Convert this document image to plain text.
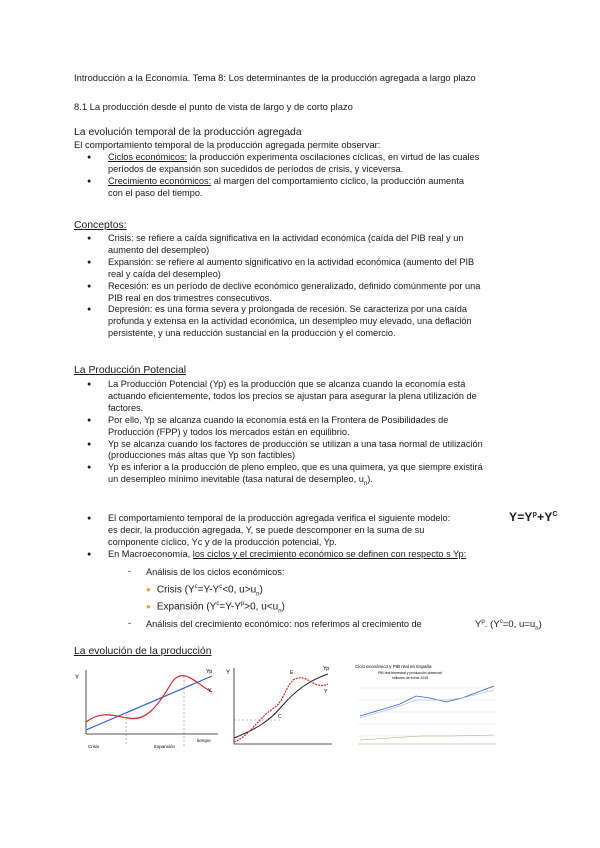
Introducción a la Economía. Tema 8: Los determinantes de la producción agregada a largo plazo
8.1 La producción desde el punto de vista de largo y de corto plazo
La evolución temporal de la producción agregada
El comportamiento temporal de la producción agregada permite observar:
● Ciclos económicos: la producción experimenta oscilaciones cíclicas, en virtud de las cuales
períodos de expansión son sucedidos de períodos de crisis, y viceversa.
● Crecimiento económicos: al margen del comportamiento cíclico, la producción aumenta
con el paso del tiempo.
Conceptos:
● Crisis: se refiere a caída significativa en la actividad económica (caída del PIB real y un
aumento del desempleo)
● Expansión: se refiere al aumento significativo en la actividad económica (aumento del PIB
real y caída del desempleo)
● Recesión: es un período de declive económico generalizado, definido comúnmente por una
PIB real en dos trimestres consecutivos.
● Depresión: es una forma severa y prolongada de recesión. Se caracteriza por una caída
profunda y extensa en la actividad económica, un desempleo muy elevado, una deflación
persistente, y una reducción sustancial en la producción y el comercio.
La Producción Potencial
● La Producción Potencial (Yp) es la producción que se alcanza cuando la economía está
actuando eficientemente, todos los precios se ajustan para asegurar la plena utilización de
factores.
● Por ello, Yp se alcanza cuando la economía está en la Frontera de Posibilidades de
Producción (FPP) y todos los mercados están en equilibrio.
● Yp se alcanza cuando los factores de producción se utilizan a una tasa normal de utilización
(producciones más altas que Yp son factibles)
● Yp es inferior a la producción de pleno empleo, que es una quimera, ya que siempre existirá
un desempleo mínimo inevitable (tasa natural de desempleo, $u_n$).
● El comportamiento temporal de la producción agregada verifica el siguiente modelo:
es decir, la producción agregada, Y, se puede descomponer en la suma de su
componente cíclico, Yc y de la producción potencial, Yp.
● En Macroeconomía, los ciclos y el crecimiento económico se definen con respecto s Yp:
$Y=Y^p+Y^C$
- Análisis de los ciclos económicos:
● Crisis ($Y^c=Y-Y^c<0$, $u>u_n$)
● Expansión ($Y^c=Y-Y^p>0$, $u<u_n$)
- Análisis del crecimiento económico: nos referimos al crecimiento de	$Y^p$. ($Y^c=0$, $u=u_n$)
La evolución de la producción
Y
Yp
Y
tiempo
Crisis	Expansión
Y
Yp
Y
E
C
Ciclo económico y PIB real en España
PIB real trimestral y producción potencial
millones de euros 2015
